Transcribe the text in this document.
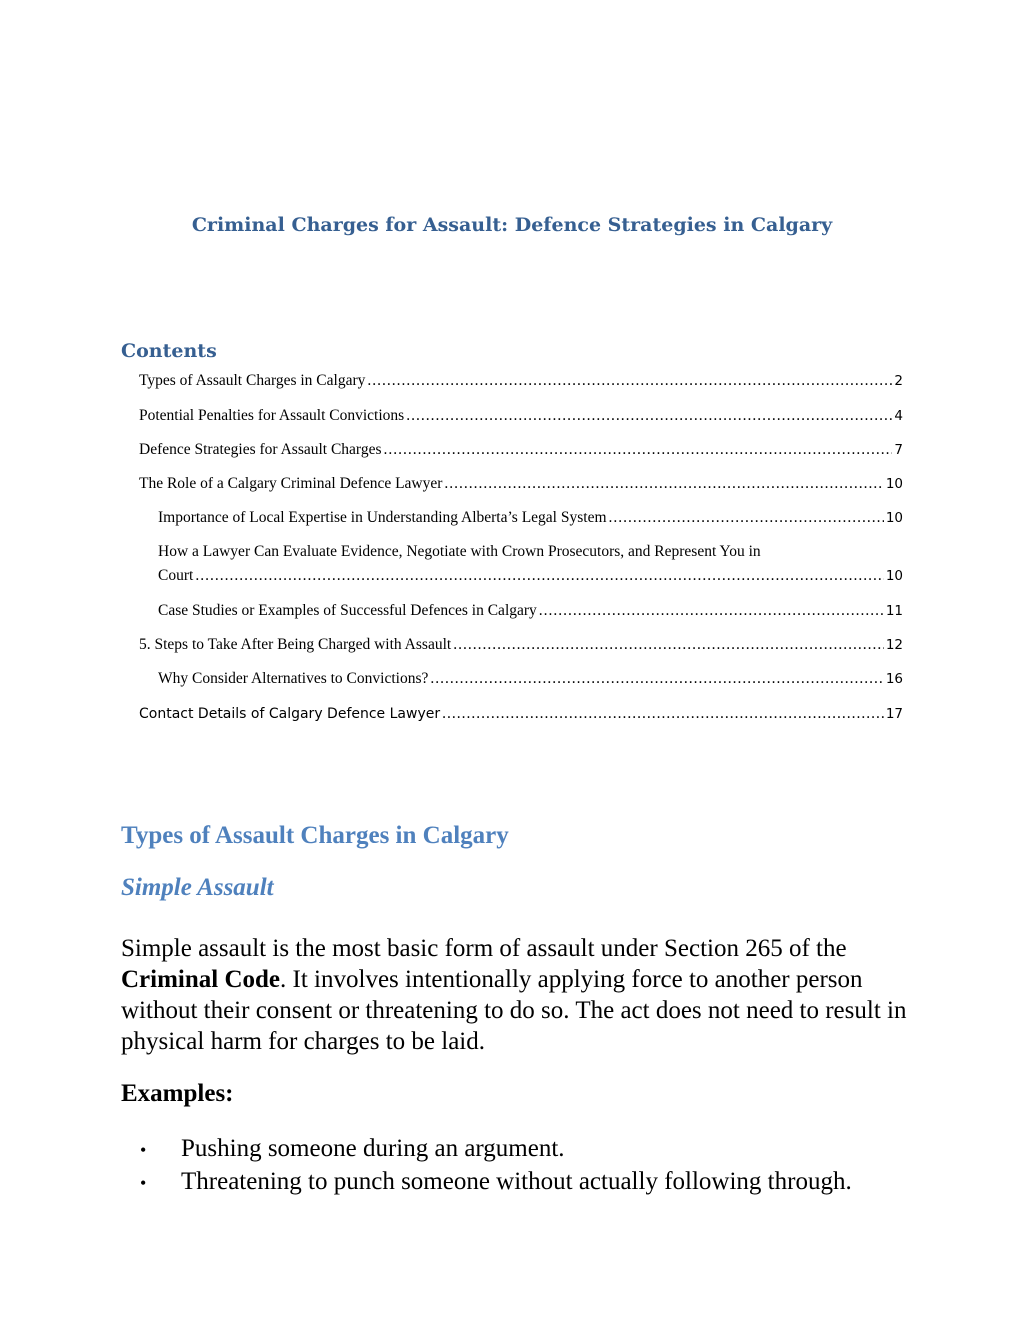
Criminal Charges for Assault: Defence Strategies in Calgary
Contents
Types of Assault Charges in Calgary .....	2
Potential Penalties for Assault Convictions .....	4
Defence Strategies for Assault Charges .....	7
The Role of a Calgary Criminal Defence Lawyer .....	10
Importance of Local Expertise in Understanding Alberta’s Legal System .....	10
How a Lawyer Can Evaluate Evidence, Negotiate with Crown Prosecutors, and Represent You in
Court .....	10
Case Studies or Examples of Successful Defences in Calgary .....	11
5. Steps to Take After Being Charged with Assault .....	12
Why Consider Alternatives to Convictions? .....	16
Contact Details of Calgary Defence Lawyer .....	17
Types of Assault Charges in Calgary
Simple Assault

Simple assault is the most basic form of assault under Section 265 of the Criminal Code. It involves intentionally applying force to another person without their consent or threatening to do so. The act does not need to result in physical harm for charges to be laid.

Examples:
•	Pushing someone during an argument.
•	Threatening to punch someone without actually following through.
